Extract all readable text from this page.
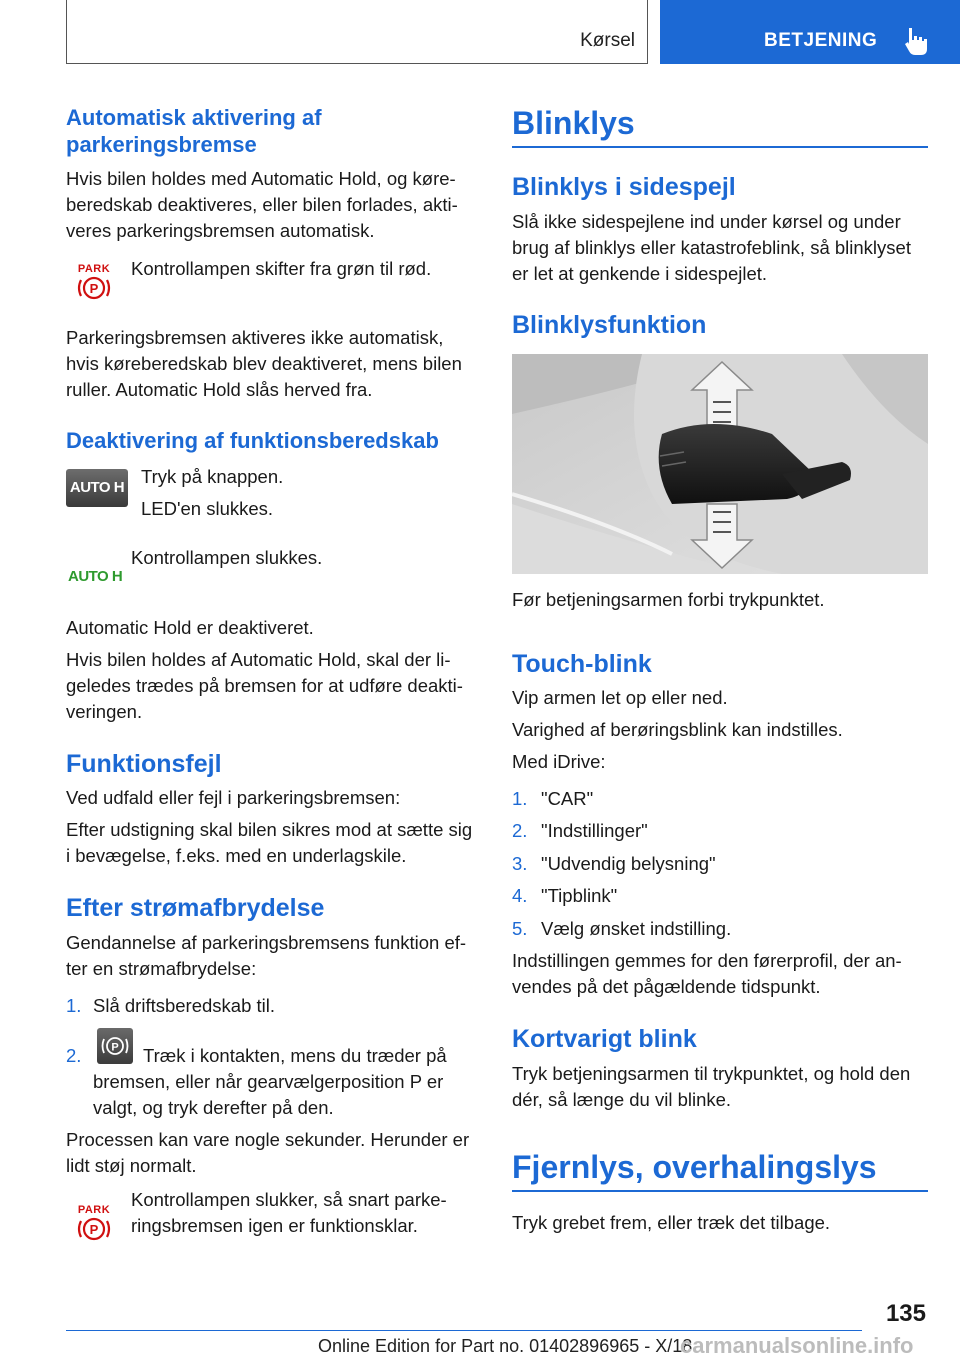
Kørsel	BETJENING
Automatisk aktivering af parkeringsbremse
Hvis bilen holdes med Automatic Hold, og køre-beredskab deaktiveres, eller bilen forlades, akti-veres parkeringsbremsen automatisk.
PARK
P
Kontrollampen skifter fra grøn til rød.
Parkeringsbremsen aktiveres ikke automatisk, hvis køreberedskab blev deaktiveret, mens bilen ruller. Automatic Hold slås herved fra.
Deaktivering af funktionsberedskab
AUTO H
Tryk på knappen.
LED'en slukkes.
AUTO H
Kontrollampen slukkes.
Automatic Hold er deaktiveret.
Hvis bilen holdes af Automatic Hold, skal der li-geledes trædes på bremsen for at udføre deakti-veringen.
Funktionsfejl
Ved udfald eller fejl i parkeringsbremsen:
Efter udstigning skal bilen sikres mod at sætte sig i bevægelse, f.eks. med en underlagskile.
Efter strømafbrydelse
Gendannelse af parkeringsbremsens funktion ef-ter en strømafbrydelse:
1. Slå driftsberedskab til.
2.	P	Træk i kontakten, mens du træder på bremsen, eller når gearvælgerposition P er valgt, og tryk derefter på den.
Processen kan vare nogle sekunder. Herunder er lidt støj normalt.
PARK
P
Kontrollampen slukker, så snart parke-ringsbremsen igen er funktionsklar.
Blinklys
Blinklys i sidespejl
Slå ikke sidespejlene ind under kørsel og under brug af blinklys eller katastrofeblink, så blinklyset er let at genkende i sidespejlet.
Blinklysfunktion
Før betjeningsarmen forbi trykpunktet.
Touch-blink
Vip armen let op eller ned.
Varighed af berøringsblink kan indstilles.
Med iDrive:
1. "CAR"
2. "Indstillinger"
3. "Udvendig belysning"
4. "Tipblink"
5. Vælg ønsket indstilling.
Indstillingen gemmes for den førerprofil, der an-vendes på det pågældende tidspunkt.
Kortvarigt blink
Tryk betjeningsarmen til trykpunktet, og hold den dér, så længe du vil blinke.
Fjernlys, overhalingslys
Tryk grebet frem, eller træk det tilbage.
135
Online Edition for Part no. 01402896965 - X/18
carmanualsonline.info
